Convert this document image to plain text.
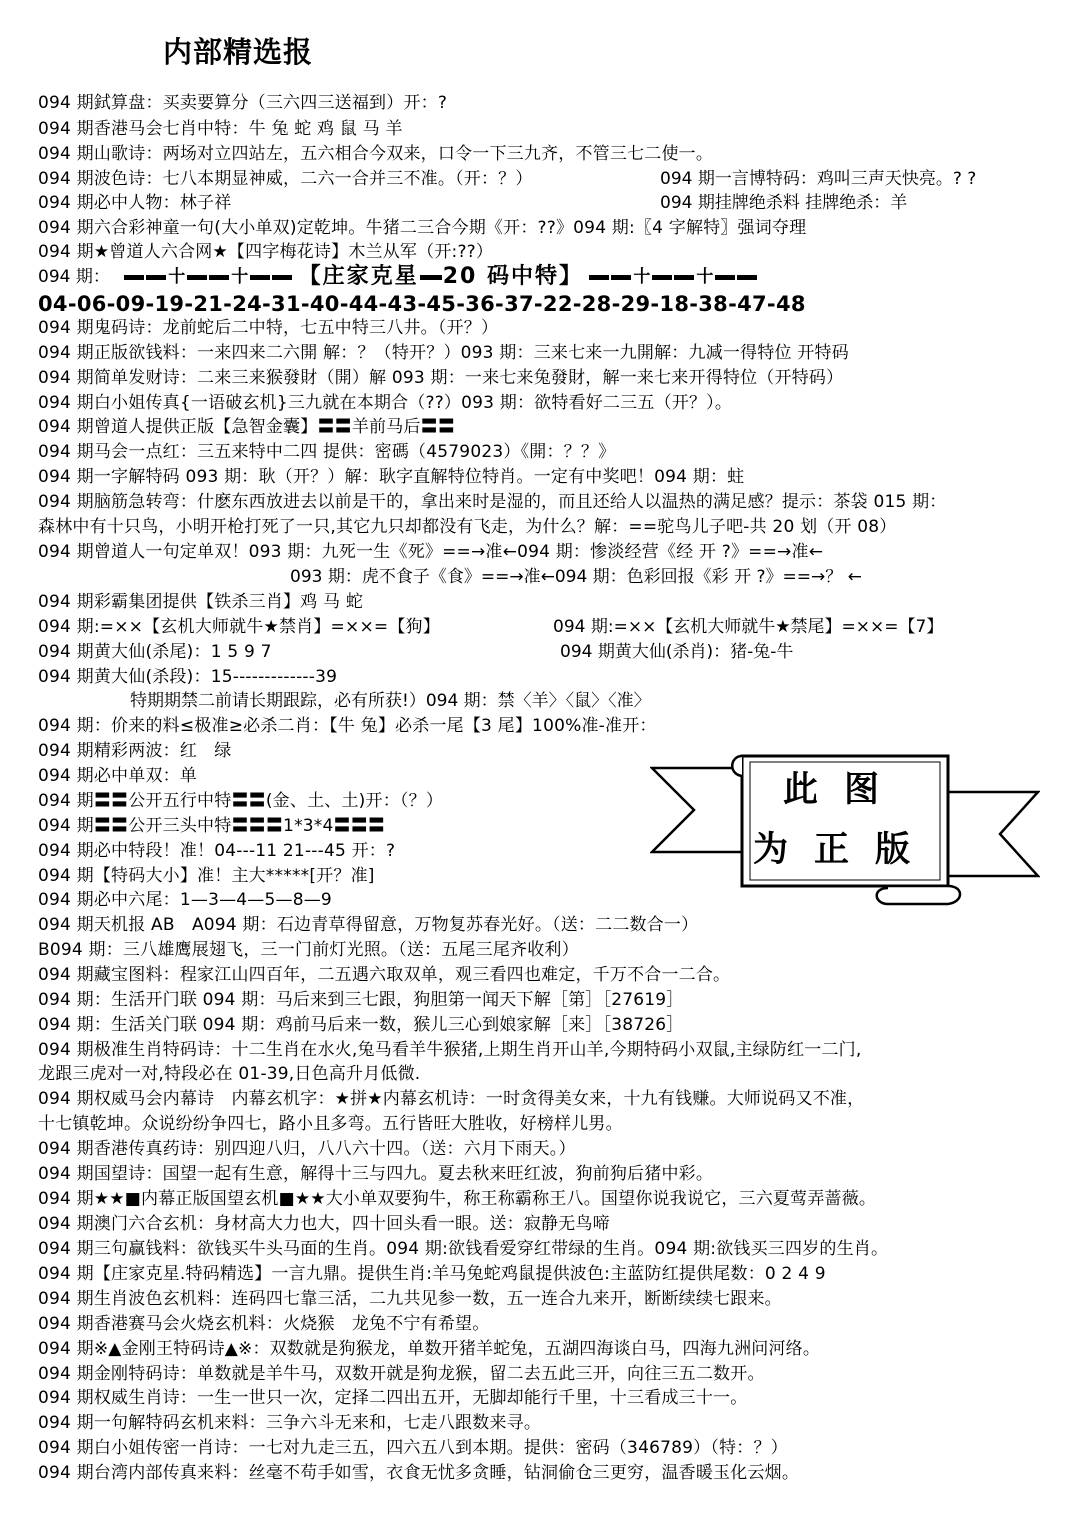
内部精选报
094 期鉽算盘：买卖要算分（三六四三送福到）开：?
094 期香港马会七肖中特：牛 兔 蛇 鸡 鼠 马 羊
094 期山歌诗：两场对立四站左，五六相合今双来，口令一下三九齐，不管三七二使一。
094 期波色诗：七八本期显神威，二六一合并三不准。（开：？）	094 期一言博特码：鸡叫三声天快亮。? ?
094 期必中人物：林子祥	094 期挂牌绝杀料 挂牌绝杀：羊
094 期六合彩神童一句(大小单双)定乾坤。牛猪二三合今期《开：??》094 期:〖4 字解特〗强词夺理
094 期★曾道人六合网★【四字梅花诗】木兰从军（开:??）
094 期：	十	十 【庄家克星 20 码中特】	十	十
04-06-09-19-21-24-31-40-44-43-45-36-37-22-28-29-18-38-47-48
094 期鬼码诗：龙前蛇后二中特，七五中特三八井。（开？）
094 期正版欲钱料：一来四来二六開 解：？（特开？）093 期：三来七来一九開解：九减一得特位 开特码
094 期简单发财诗：二来三来猴發財（開）解 093 期：一来七来兔發財，解一来七来开得特位（开特码）
094 期白小姐传真{一语破玄机}三九就在本期合（??）093 期：欲特看好二三五（开？）。
094 期曾道人提供正版【急智金囊】〓〓羊前马后〓〓
094 期马会一点红：三五来特中二四 提供：密碼（4579023）《開：？？》
094 期一字解特码 093 期：耿（开？）解：耿字直解特位特肖。一定有中奖吧！094 期：蛀
094 期脑筋急转弯：什麽东西放进去以前是干的，拿出来时是湿的，而且还给人以温热的满足感？提示：茶袋 015 期：
森林中有十只鸟，小明开枪打死了一只,其它九只却都没有飞走，为什么？解：==驼鸟儿子吧-共 20 划（开 08）
094 期曾道人一句定单双！093 期：九死一生《死》==→准←094 期：惨淡经营《经 开 ?》==→准←
093 期：虎不食子《食》==→准←094 期：色彩回报《彩 开 ?》==→？ ←
094 期彩霸集团提供【铁杀三肖】鸡 马 蛇
094 期:=××【玄机大师就牛★禁肖】=××=【狗】	094 期:=××【玄机大师就牛★禁尾】=××=【7】
094 期黄大仙(杀尾)：1 5 9 7	094 期黄大仙(杀肖)：猪-兔-牛
094 期黄大仙(杀段)：15-------------39
特期期禁二前请长期跟踪，必有所获!）094 期：禁〈羊〉〈鼠〉〈准〉
094 期：价来的料≤极准≥必杀二肖：【牛 兔】必杀一尾【3 尾】100%准-准开：
094 期精彩两波：红　绿
094 期必中单双：单
094 期〓〓公开五行中特〓〓(金、土、土)开：（？）
094 期〓〓公开三头中特〓〓〓1*3*4〓〓〓
094 期必中特段！准！04---11 21---45 开：?
094 期【特码大小】准！主大*****[开？准]
094 期必中六尾：1—3—4—5—8—9
094 期天机报 AB　A094 期：石边青草得留意，万物复苏春光好。（送：二二数合一）
B094 期：三八雄鹰展翅飞，三一门前灯光照。（送：五尾三尾齐收利）
094 期藏宝图料：程家江山四百年，二五遇六取双单，观三看四也难定，千万不合一二合。
094 期：生活开门联 094 期：马后来到三七跟，狗胆第一闻天下解［第］［27619］
094 期：生活关门联 094 期：鸡前马后来一数，猴儿三心到娘家解［来］［38726］
094 期极准生肖特码诗：十二生肖在水火,兔马看羊牛猴猪,上期生肖开山羊,今期特码小双鼠,主绿防红一二门,
龙跟三虎对一对,特段必在 01-39,日色高升月低微.
094 期权威马会内幕诗　内幕玄机字：★拼★内幕玄机诗：一时贪得美女来，十九有钱赚。大师说码又不准，
十七镇乾坤。众说纷纷争四七，路小且多弯。五行皆旺大胜收，好榜样儿男。
094 期香港传真药诗：别四迎八归，八八六十四。（送：六月下雨天。）
094 期国望诗：国望一起有生意，解得十三与四九。夏去秋来旺红波，狗前狗后猪中彩。
094 期★★■内幕正版国望玄机■★★大小单双要狗牛，称王称霸称王八。国望你说我说它，三六夏莺弄蔷薇。
094 期澳门六合玄机：身材高大力也大，四十回头看一眼。送：寂静无鸟啼
094 期三句赢钱料：欲钱买牛头马面的生肖。094 期:欲钱看爱穿红带绿的生肖。094 期:欲钱买三四岁的生肖。
094 期【庄家克星.特码精选】一言九鼎。提供生肖:羊马兔蛇鸡鼠提供波色:主蓝防红提供尾数：0 2 4 9
094 期生肖波色玄机料：连码四七靠三活，二九共见参一数，五一连合九来开，断断续续七跟来。
094 期香港赛马会火烧玄机料：火烧猴　龙兔不宁有希望。
094 期※▲金刚王特码诗▲※：双数就是狗猴龙，单数开猪羊蛇兔，五湖四海谈白马，四海九洲问河络。
094 期金刚特码诗：单数就是羊牛马，双数开就是狗龙猴，留二去五此三开，向往三五二数开。
094 期权威生肖诗：一生一世只一次，定择二四出五开，无脚却能行千里，十三看成三十一。
094 期一句解特码玄机来料：三争六斗无来和，七走八跟数来寻。
094 期白小姐传密一肖诗：一七对九走三五，四六五八到本期。提供：密码（346789）（特：？）
094 期台湾内部传真来料：丝毫不苟手如雪，衣食无忧多贪睡，钻洞偷仓三更穷，温香暖玉化云烟。
此图
为正版
